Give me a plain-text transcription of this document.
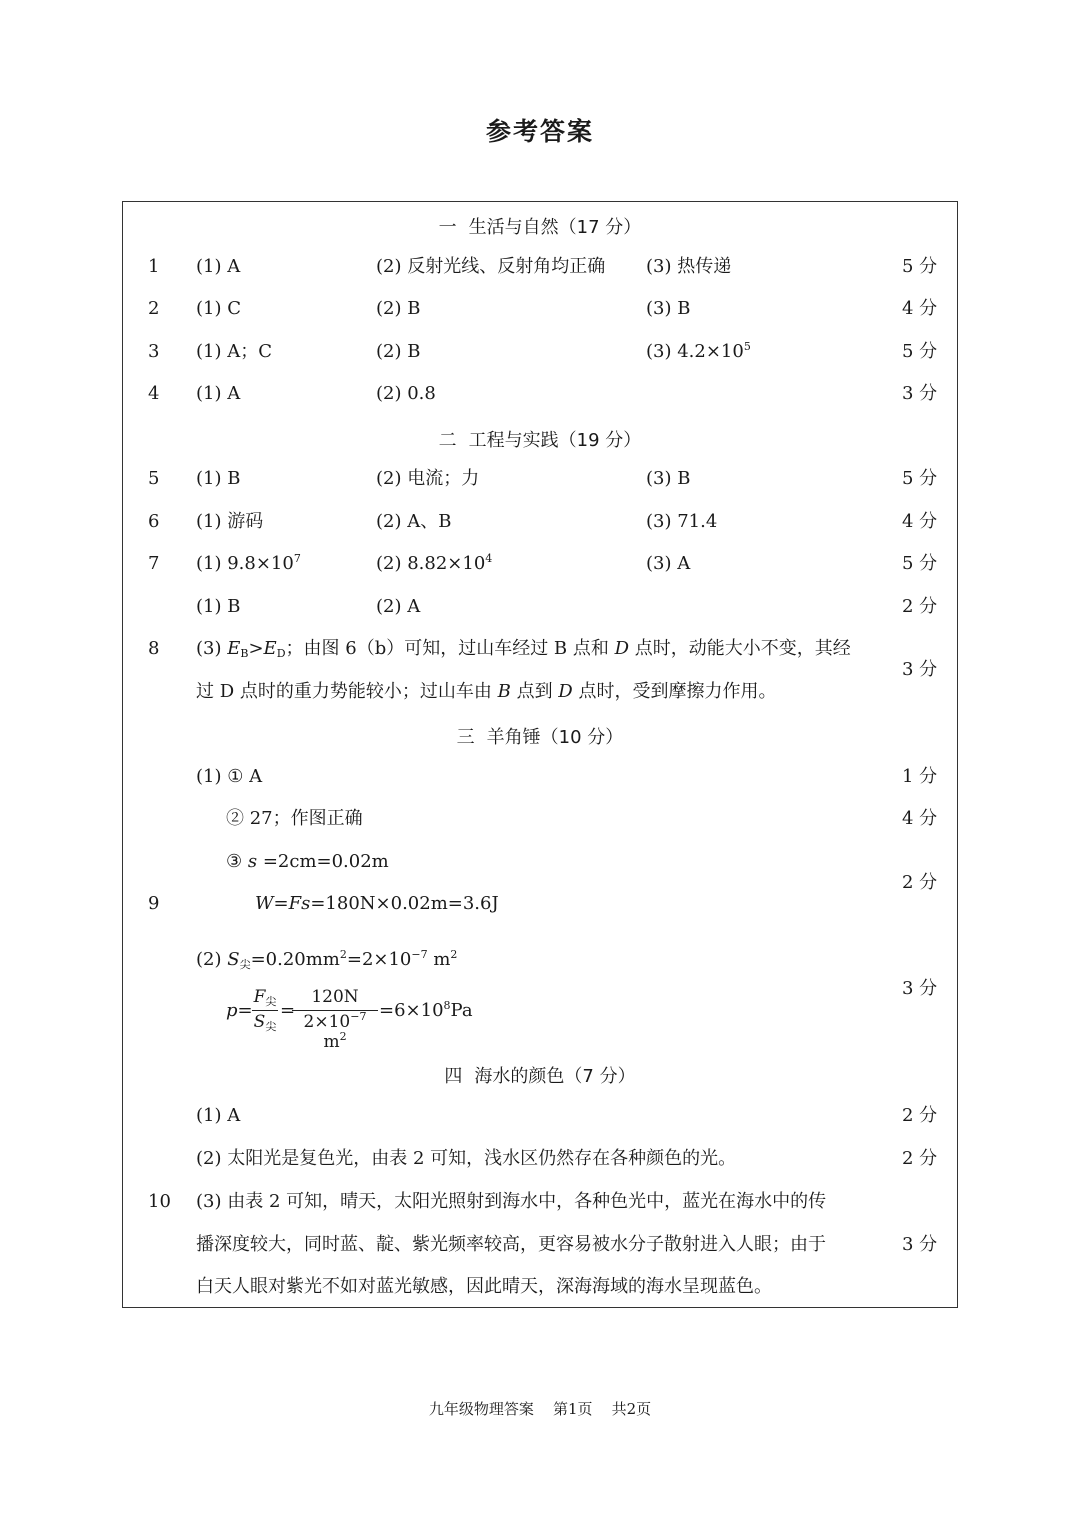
参考答案
一 生活与自然（17 分）
1 (1) A	(2) 反射光线、反射角均正确 (3) 热传递	5 分
2 (1) C	(2) B	(3) B	4 分
3 (1) A；C	(2) B	(3) $4.2\times 10^5$	5 分
4 (1) A	(2) 0.8	3 分
二 工程与实践（19 分）
5 (1) B	(2) 电流；力	(3) B	5 分
6 (1) 游码	(2) A、B	(3) 71.4	4 分
7 (1) $9.8\times 10^7$	(2) $8.82\times 10^4$	(3) A	5 分
(1) B	(2) A	2 分
8 (3) $E_B>E_D$；由图 6（b）可知，过山车经过 B 点和 D 点时，动能大小不变，其经
过 D 点时的重力势能较小；过山车由 B 点到 D 点时，受到摩擦力作用。
3 分
三 羊角锤（10 分）
(1) ① A	1 分
② 27；作图正确	4 分
③ s =2cm=0.02m
2 分
9	W=Fs=180N×0.02m=3.6J
(2) $S_尖=0.20mm^2=2\times 10^{-7}$ $m^2$
p=
$F_尖$
$S_尖$
=
120N
$2\times 10^{-7}$ $m^2$
$=6\times 10^8Pa$
3 分
四 海水的颜色（7 分）
(1) A	2 分
(2) 太阳光是复色光，由表 2 可知，浅水区仍然存在各种颜色的光。	2 分
10 (3) 由表 2 可知，晴天，太阳光照射到海水中，各种色光中，蓝光在海水中的传
播深度较大，同时蓝、靛、紫光频率较高，更容易被水分子散射进入人眼；由于
白天人眼对紫光不如对蓝光敏感，因此晴天，深海海域的海水呈现蓝色。
3 分
九年级物理答案    第1页    共2页
